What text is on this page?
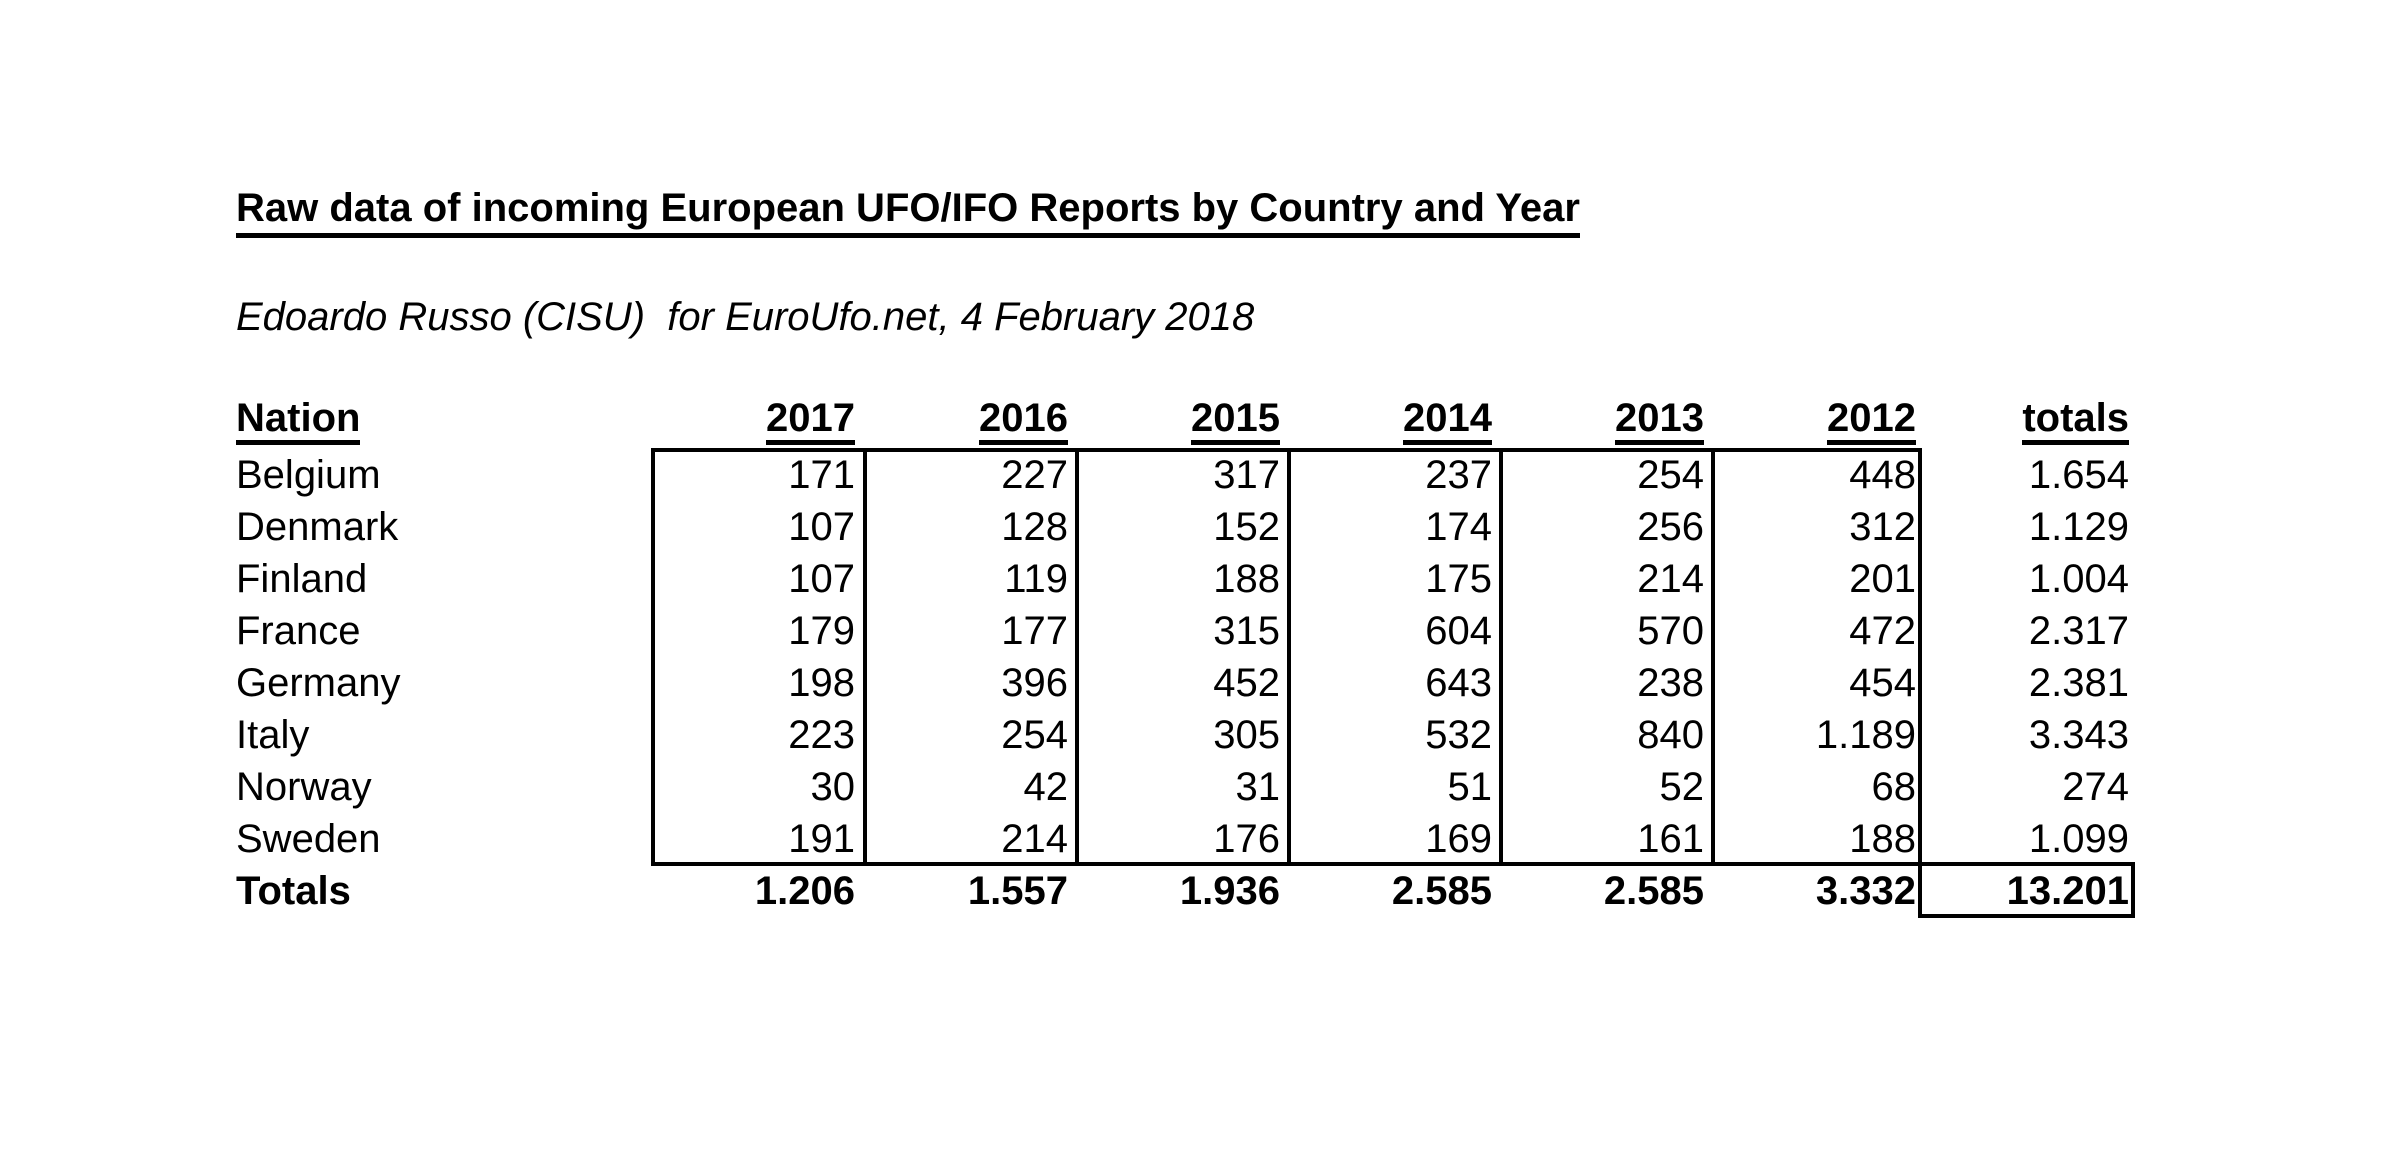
Raw data of incoming European UFO/IFO Reports by Country and Year
Edoardo Russo (CISU)  for EuroUfo.net, 4 February 2018
Nation	2017	2016	2015	2014	2013	2012	totals
Belgium	171	227	317	237	254	448	1.654
Denmark	107	128	152	174	256	312	1.129
Finland	107	119	188	175	214	201	1.004
France	179	177	315	604	570	472	2.317
Germany	198	396	452	643	238	454	2.381
Italy	223	254	305	532	840	1.189	3.343
Norway	30	42	31	51	52	68	274
Sweden	191	214	176	169	161	188	1.099
Totals	1.206	1.557	1.936	2.585	2.585	3.332	13.201
